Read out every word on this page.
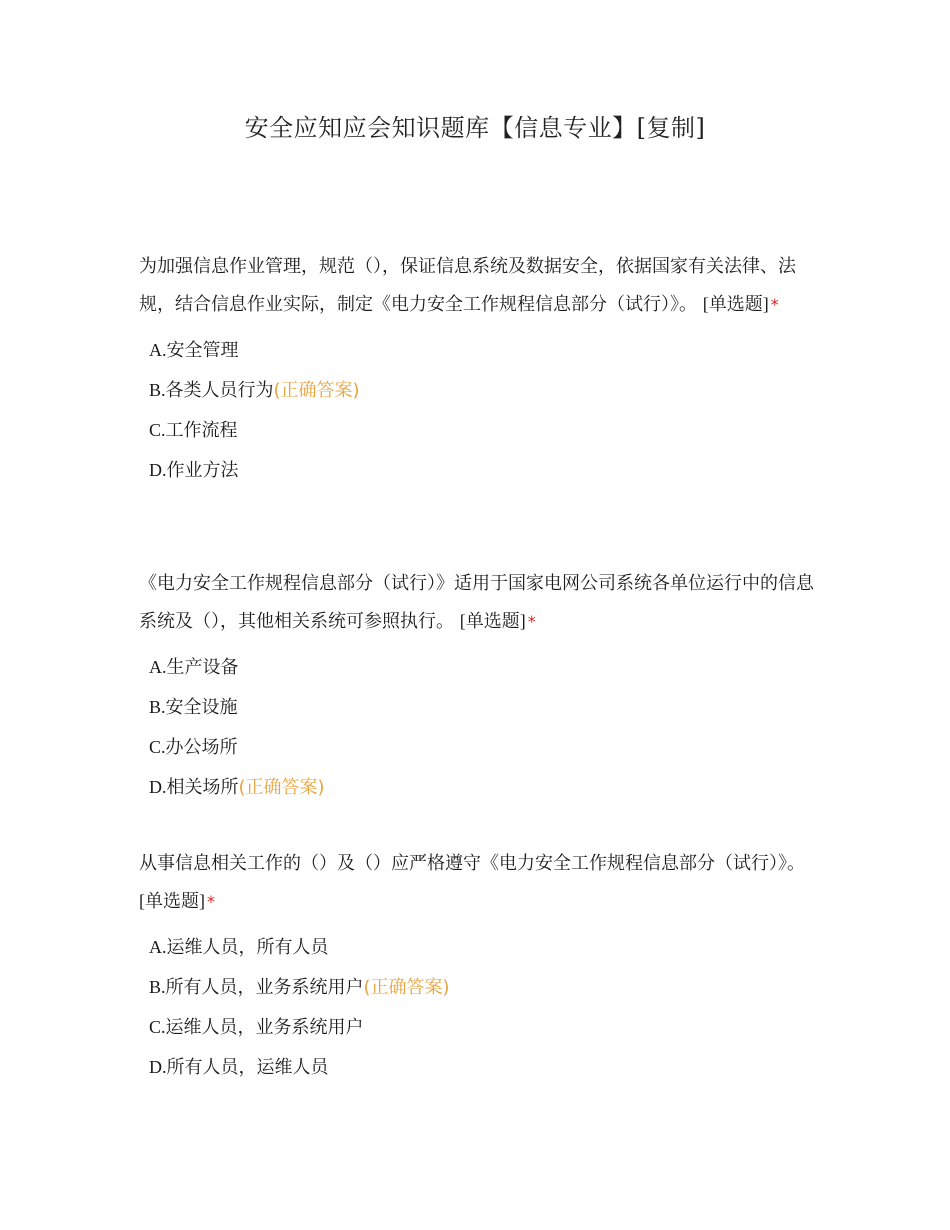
安全应知应会知识题库【信息专业】[复制]
为加强信息作业管理，规范（），保证信息系统及数据安全，依据国家有关法律、法规，结合信息作业实际，制定《电力安全工作规程信息部分（试行）》。 [单选题] *
A.安全管理
B.各类人员行为(正确答案)
C.工作流程
D.作业方法
《电力安全工作规程信息部分（试行）》适用于国家电网公司系统各单位运行中的信息系统及（），其他相关系统可参照执行。 [单选题] *
A.生产设备
B.安全设施
C.办公场所
D.相关场所(正确答案)
从事信息相关工作的（）及（）应严格遵守《电力安全工作规程信息部分（试行）》。 [单选题] *
A.运维人员，所有人员
B.所有人员，业务系统用户(正确答案)
C.运维人员，业务系统用户
D.所有人员，运维人员
